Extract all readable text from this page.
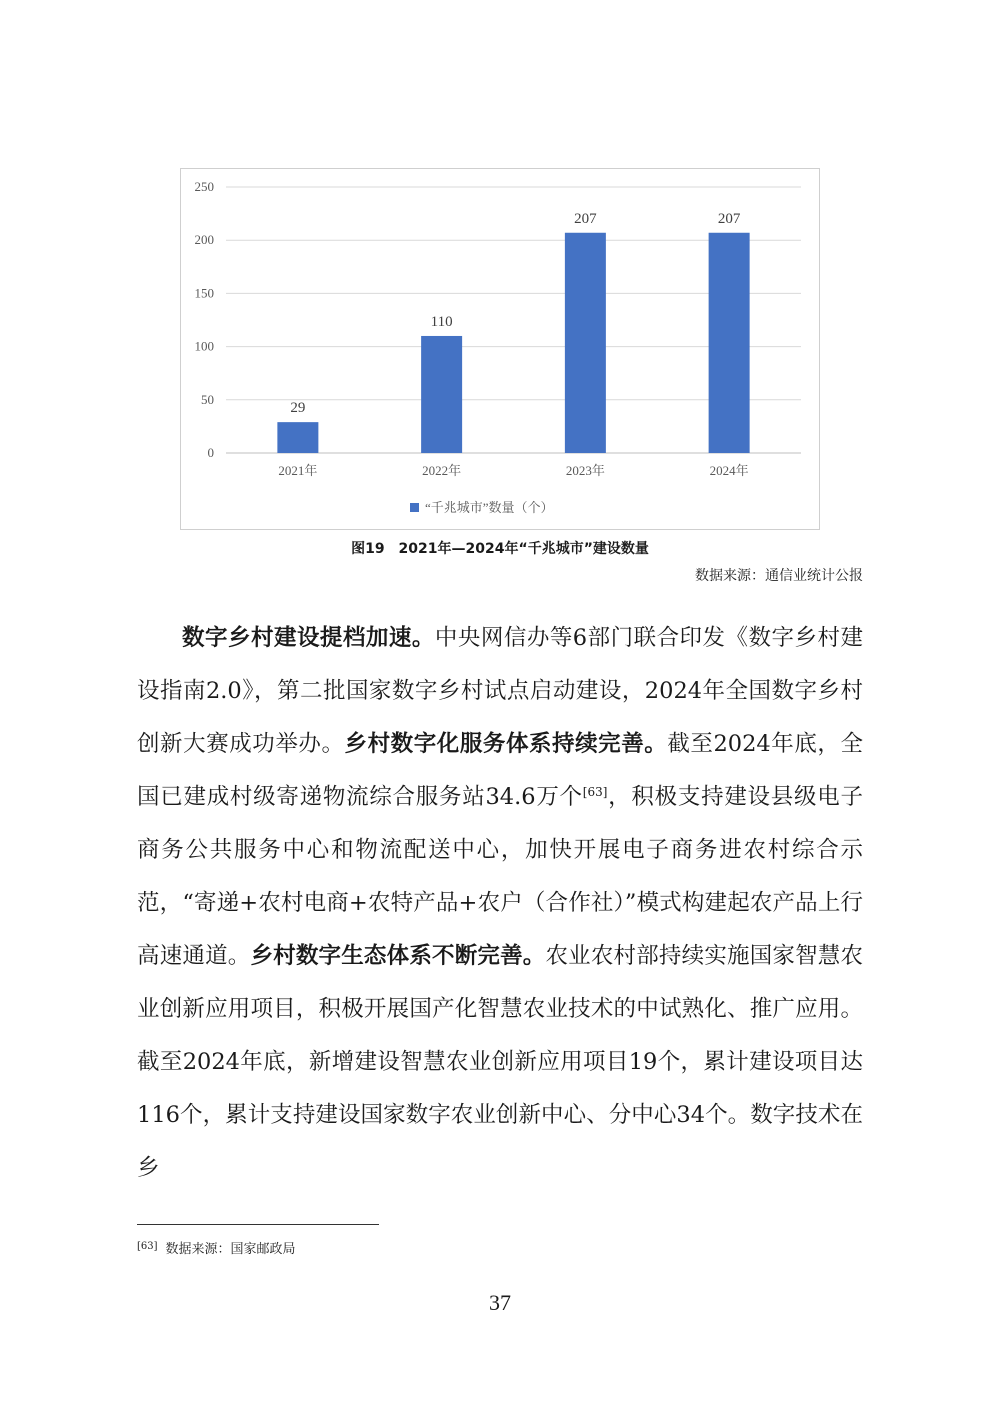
0
50
100
150
200
250
29
2021年
110
2022年
207
2023年
207
2024年
“千兆城市”数量（个）
图19　2021年—2024年“千兆城市”建设数量
数据来源：通信业统计公报

数字乡村建设提档加速。中央网信办等6部门联合印发《数字乡村建设指南2.0》，第二批国家数字乡村试点启动建设，2024年全国数字乡村创新大赛成功举办。乡村数字化服务体系持续完善。截至2024年底，全国已建成村级寄递物流综合服务站34.6万个[63]，积极支持建设县级电子商务公共服务中心和物流配送中心，加快开展电子商务进农村综合示范，“寄递+农村电商+农特产品+农户（合作社）”模式构建起农产品上行高速通道。乡村数字生态体系不断完善。农业农村部持续实施国家智慧农业创新应用项目，积极开展国产化智慧农业技术的中试熟化、推广应用。截至2024年底，新增建设智慧农业创新应用项目19个，累计建设项目达116个，累计支持建设国家数字农业创新中心、分中心34个。数字技术在乡

[63] 数据来源：国家邮政局
37
